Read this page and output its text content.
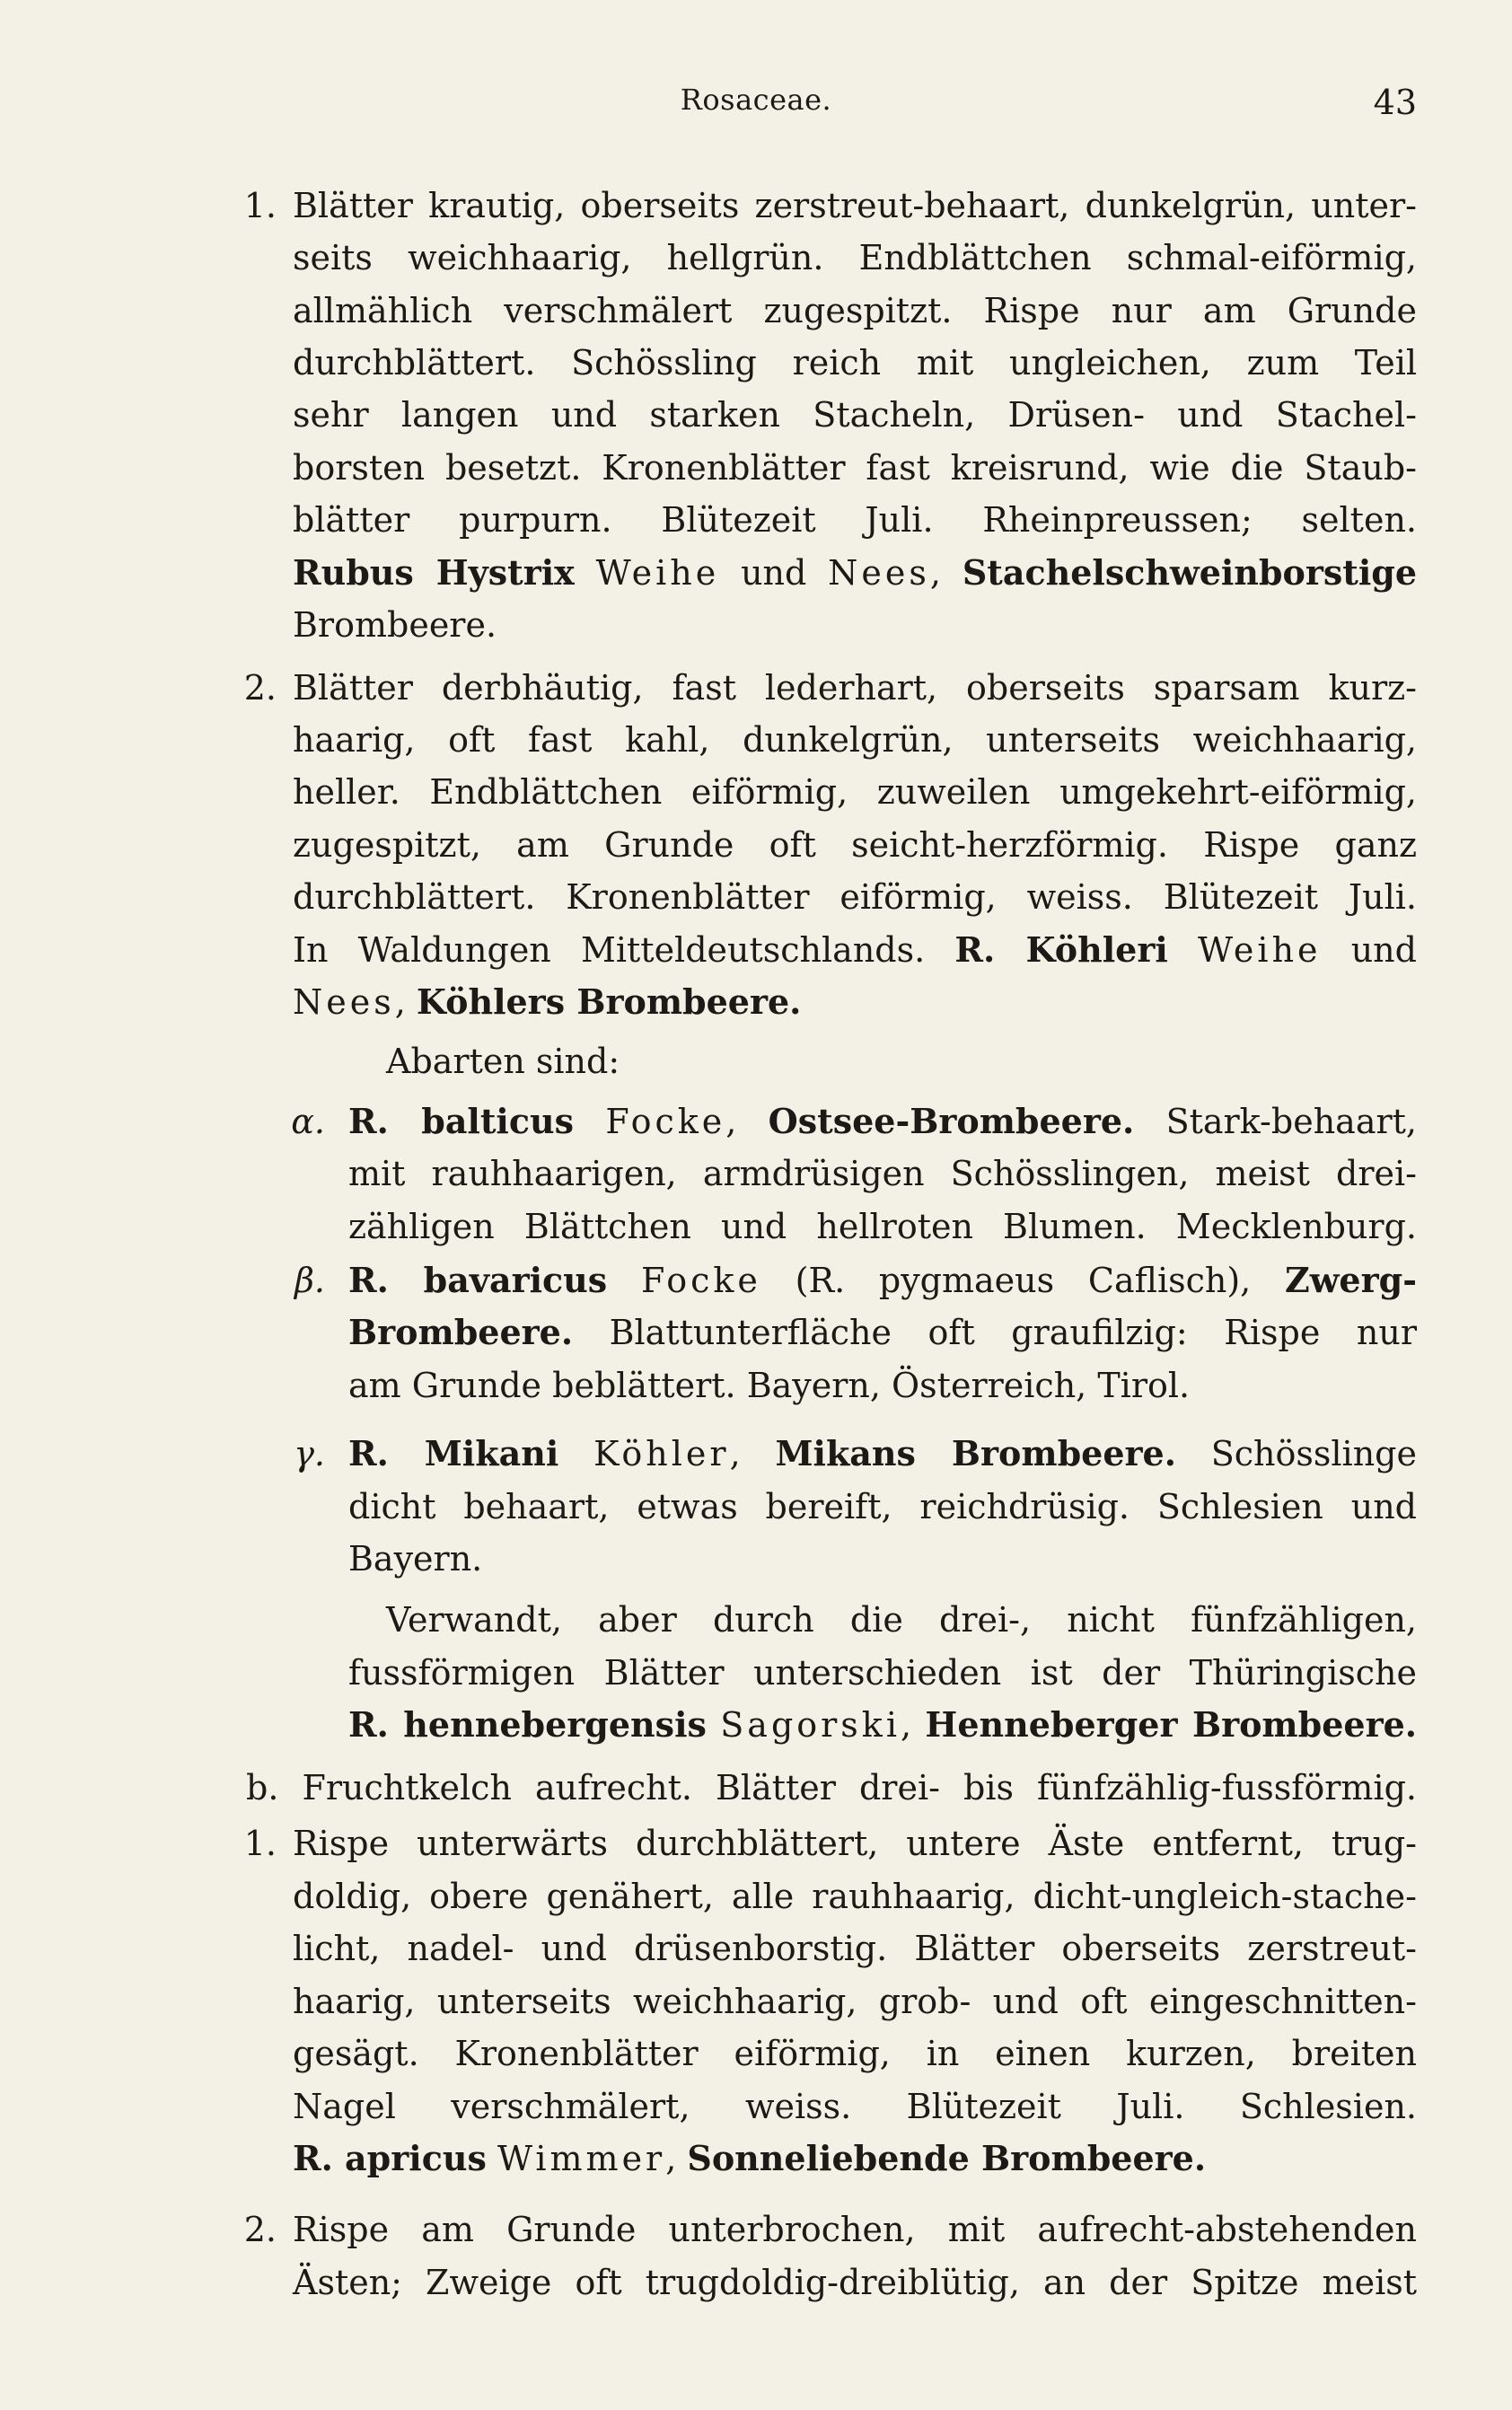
Rosaceae.	43
1. Blätter krautig, oberseits zerstreut-behaart, dunkelgrün, unter-
seits weichhaarig, hellgrün. Endblättchen schmal-eiförmig,
allmählich verschmälert zugespitzt. Rispe nur am Grunde
durchblättert. Schössling reich mit ungleichen, zum Teil
sehr langen und starken Stacheln, Drüsen- und Stachel-
borsten besetzt. Kronenblätter fast kreisrund, wie die Staub-
blätter purpurn. Blütezeit Juli. Rheinpreussen; selten.
Rubus Hystrix Weihe und Nees, Stachelschweinborstige
Brombeere.
2. Blätter derbhäutig, fast lederhart, oberseits sparsam kurz-
haarig, oft fast kahl, dunkelgrün, unterseits weichhaarig,
heller. Endblättchen eiförmig, zuweilen umgekehrt-eiförmig,
zugespitzt, am Grunde oft seicht-herzförmig. Rispe ganz
durchblättert. Kronenblätter eiförmig, weiss. Blütezeit Juli.
In Waldungen Mitteldeutschlands. R. Köhleri Weihe und
Nees, Köhlers Brombeere.
Abarten sind:
α. R. balticus Focke, Ostsee-Brombeere. Stark-behaart,
mit rauhhaarigen, armdrüsigen Schösslingen, meist drei-
zähligen Blättchen und hellroten Blumen. Mecklenburg.
β. R. bavaricus Focke (R. pygmaeus Caflisch), Zwerg-
Brombeere. Blattunterfläche oft graufilzig: Rispe nur
am Grunde beblättert. Bayern, Österreich, Tirol.
γ. R. Mikani Köhler, Mikans Brombeere. Schösslinge
dicht behaart, etwas bereift, reichdrüsig. Schlesien und
Bayern.
Verwandt, aber durch die drei-, nicht fünfzähligen,
fussförmigen Blätter unterschieden ist der Thüringische
R. hennebergensis Sagorski, Henneberger Brombeere.
b. Fruchtkelch aufrecht. Blätter drei- bis fünfzählig-fussförmig.
1. Rispe unterwärts durchblättert, untere Äste entfernt, trug-
doldig, obere genähert, alle rauhhaarig, dicht-ungleich-stache-
licht, nadel- und drüsenborstig. Blätter oberseits zerstreut-
haarig, unterseits weichhaarig, grob- und oft eingeschnitten-
gesägt. Kronenblätter eiförmig, in einen kurzen, breiten
Nagel verschmälert, weiss. Blütezeit Juli. Schlesien.
R. apricus Wimmer, Sonneliebende Brombeere.
2. Rispe am Grunde unterbrochen, mit aufrecht-abstehenden
Ästen; Zweige oft trugdoldig-dreiblütig, an der Spitze meist
